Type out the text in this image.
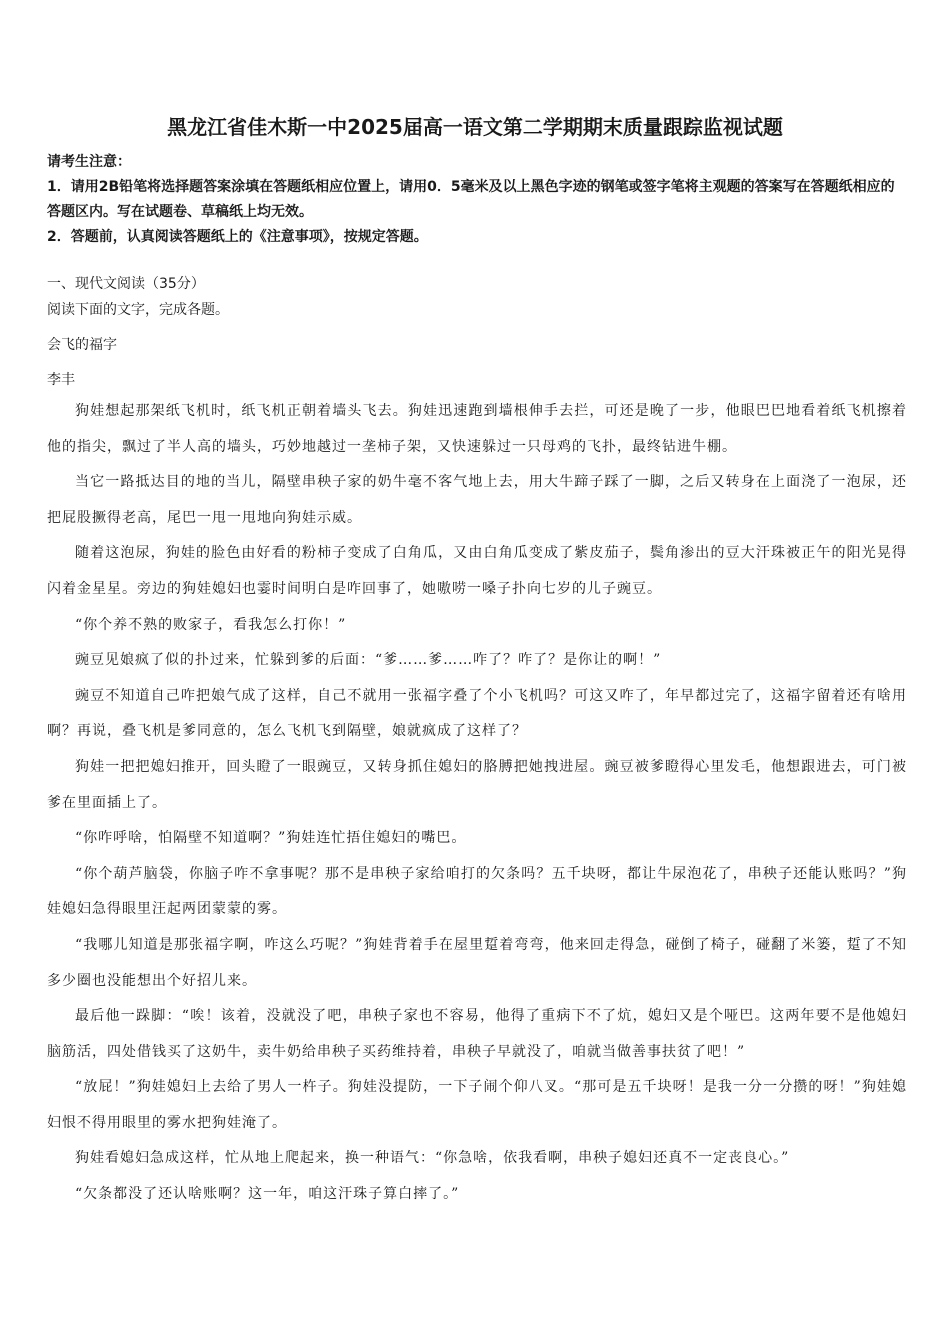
黑龙江省佳木斯一中2025届高一语文第二学期期末质量跟踪监视试题
请考生注意：
1．请用2B铅笔将选择题答案涂填在答题纸相应位置上，请用0．5毫米及以上黑色字迹的钢笔或签字笔将主观题的答案写在答题纸相应的答题区内。写在试题卷、草稿纸上均无效。
2．答题前，认真阅读答题纸上的《注意事项》，按规定答题。
一、现代文阅读（35分）
阅读下面的文字，完成各题。
会飞的福字
李丰

狗娃想起那架纸飞机时，纸飞机正朝着墙头飞去。狗娃迅速跑到墙根伸手去拦，可还是晚了一步，他眼巴巴地看着纸飞机擦着他的指尖，飘过了半人高的墙头，巧妙地越过一垄柿子架，又快速躲过一只母鸡的飞扑，最终钻进牛棚。

当它一路抵达目的地的当儿，隔壁串秧子家的奶牛毫不客气地上去，用大牛蹄子踩了一脚，之后又转身在上面浇了一泡尿，还把屁股撅得老高，尾巴一甩一甩地向狗娃示威。

随着这泡尿，狗娃的脸色由好看的粉柿子变成了白角瓜，又由白角瓜变成了紫皮茄子，鬓角渗出的豆大汗珠被正午的阳光晃得闪着金星星。旁边的狗娃媳妇也霎时间明白是咋回事了，她嗷唠一嗓子扑向七岁的儿子豌豆。

“你个养不熟的败家子，看我怎么打你！”

豌豆见娘疯了似的扑过来，忙躲到爹的后面：“爹……爹……咋了？咋了？是你让的啊！”

豌豆不知道自己咋把娘气成了这样，自己不就用一张福字叠了个小飞机吗？可这又咋了，年早都过完了，这福字留着还有啥用啊？再说，叠飞机是爹同意的，怎么飞机飞到隔壁，娘就疯成了这样了？

狗娃一把把媳妇推开，回头瞪了一眼豌豆，又转身抓住媳妇的胳膊把她拽进屋。豌豆被爹瞪得心里发毛，他想跟进去，可门被爹在里面插上了。

“你咋呼啥，怕隔壁不知道啊？”狗娃连忙捂住媳妇的嘴巴。

“你个葫芦脑袋，你脑子咋不拿事呢？那不是串秧子家给咱打的欠条吗？五千块呀，都让牛尿泡花了，串秧子还能认账吗？”狗娃媳妇急得眼里汪起两团蒙蒙的雾。

“我哪儿知道是那张福字啊，咋这么巧呢？”狗娃背着手在屋里踅着弯弯，他来回走得急，碰倒了椅子，碰翻了米篓，踅了不知多少圈也没能想出个好招儿来。

最后他一跺脚：“唉！该着，没就没了吧，串秧子家也不容易，他得了重病下不了炕，媳妇又是个哑巴。这两年要不是他媳妇脑筋活，四处借钱买了这奶牛，卖牛奶给串秧子买药维持着，串秧子早就没了，咱就当做善事扶贫了吧！”

“放屁！”狗娃媳妇上去给了男人一杵子。狗娃没提防，一下子闹个仰八叉。“那可是五千块呀！是我一分一分攒的呀！”狗娃媳妇恨不得用眼里的雾水把狗娃淹了。

狗娃看媳妇急成这样，忙从地上爬起来，换一种语气：“你急啥，依我看啊，串秧子媳妇还真不一定丧良心。”

“欠条都没了还认啥账啊？这一年，咱这汗珠子算白摔了。”
